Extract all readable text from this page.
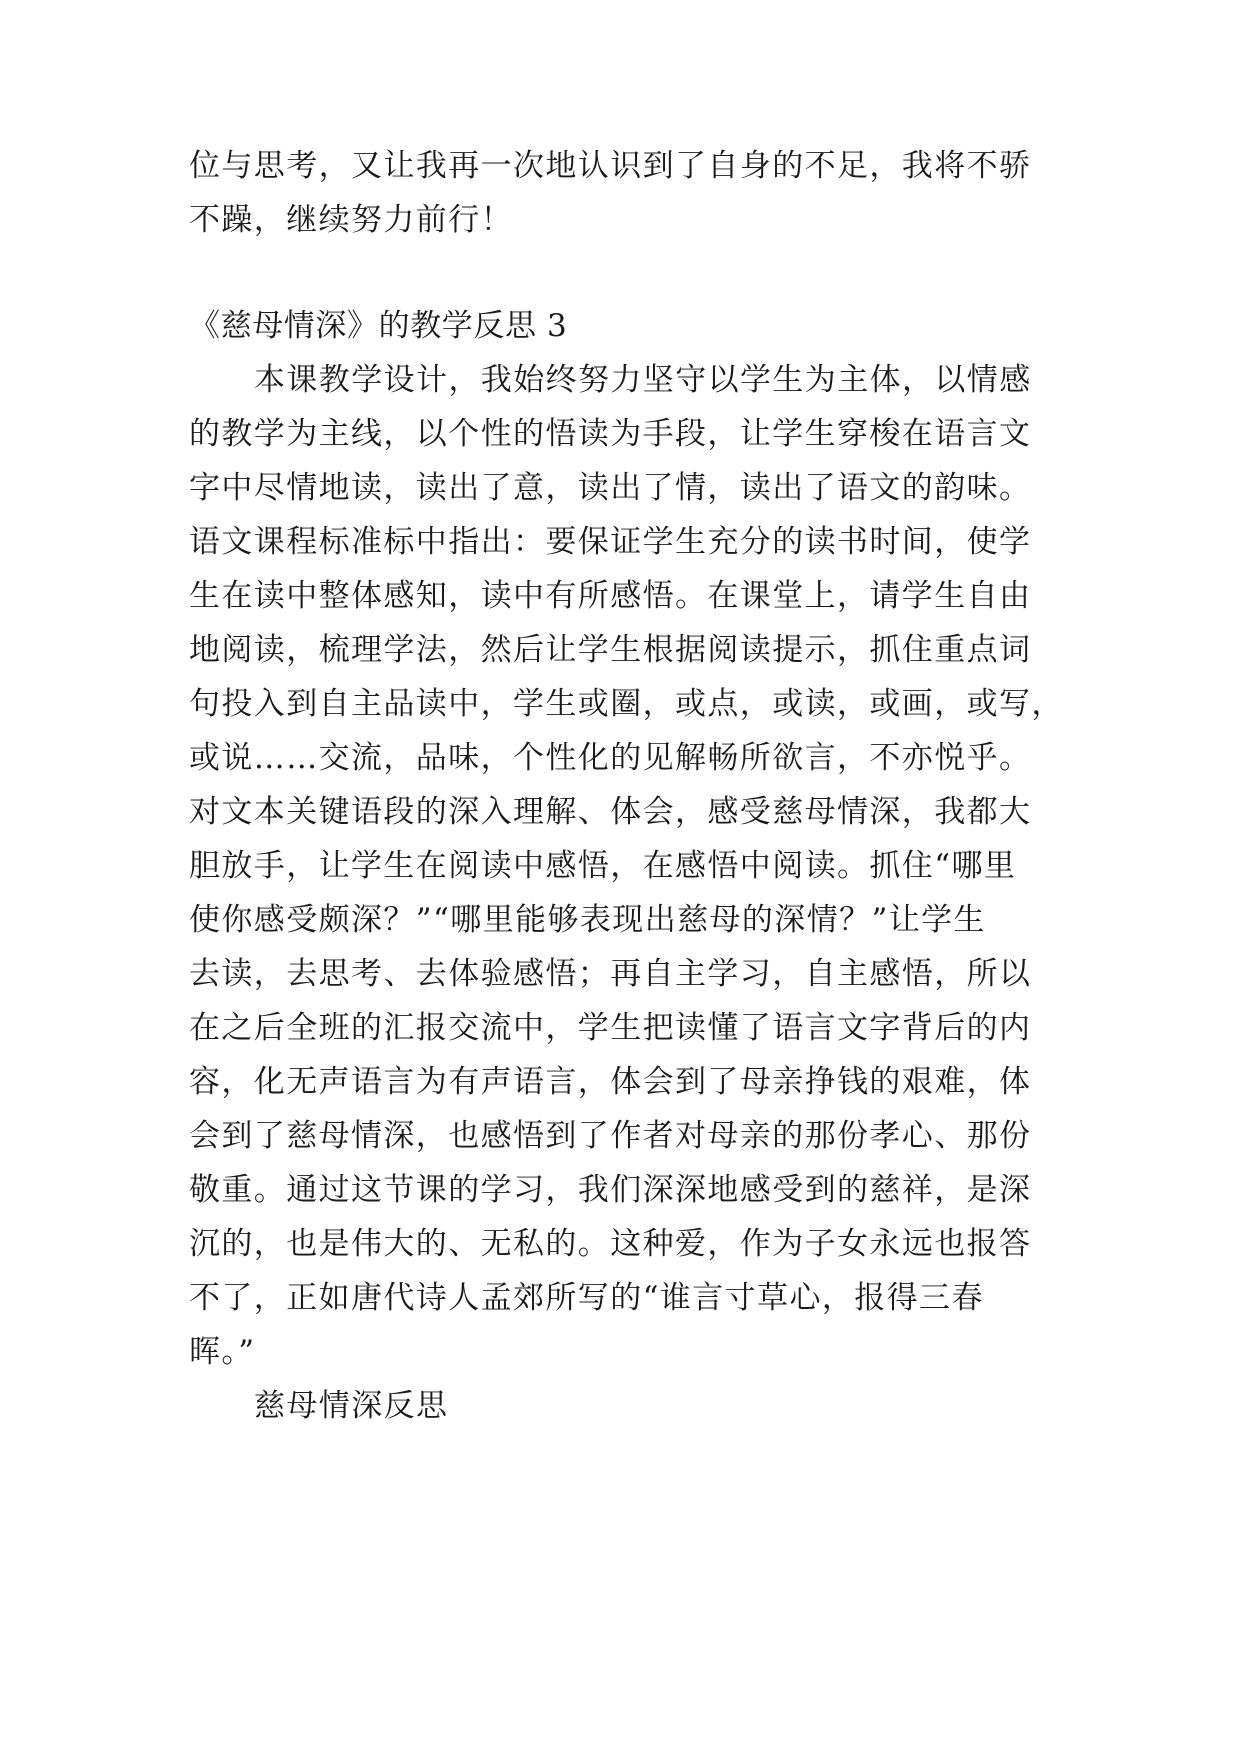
位与思考，又让我再一次地认识到了自身的不足，我将不骄
不躁，继续努力前行！
《慈母情深》的教学反思 3
本课教学设计，我始终努力坚守以学生为主体，以情感
的教学为主线，以个性的悟读为手段，让学生穿梭在语言文
字中尽情地读，读出了意，读出了情，读出了语文的韵味。
语文课程标准标中指出：要保证学生充分的读书时间，使学
生在读中整体感知，读中有所感悟。在课堂上，请学生自由
地阅读，梳理学法，然后让学生根据阅读提示，抓住重点词
句投入到自主品读中，学生或圈，或点，或读，或画，或写，
或说……交流，品味，个性化的见解畅所欲言，不亦悦乎。
对文本关键语段的深入理解、体会，感受慈母情深，我都大
胆放手，让学生在阅读中感悟，在感悟中阅读。抓住“哪里
使你感受颇深？”“哪里能够表现出慈母的深情？”让学生
去读，去思考、去体验感悟；再自主学习，自主感悟，所以
在之后全班的汇报交流中，学生把读懂了语言文字背后的内
容，化无声语言为有声语言，体会到了母亲挣钱的艰难，体
会到了慈母情深，也感悟到了作者对母亲的那份孝心、那份
敬重。通过这节课的学习，我们深深地感受到的慈祥，是深
沉的，也是伟大的、无私的。这种爱，作为子女永远也报答
不了，正如唐代诗人孟郊所写的“谁言寸草心，报得三春
晖。”
慈母情深反思
